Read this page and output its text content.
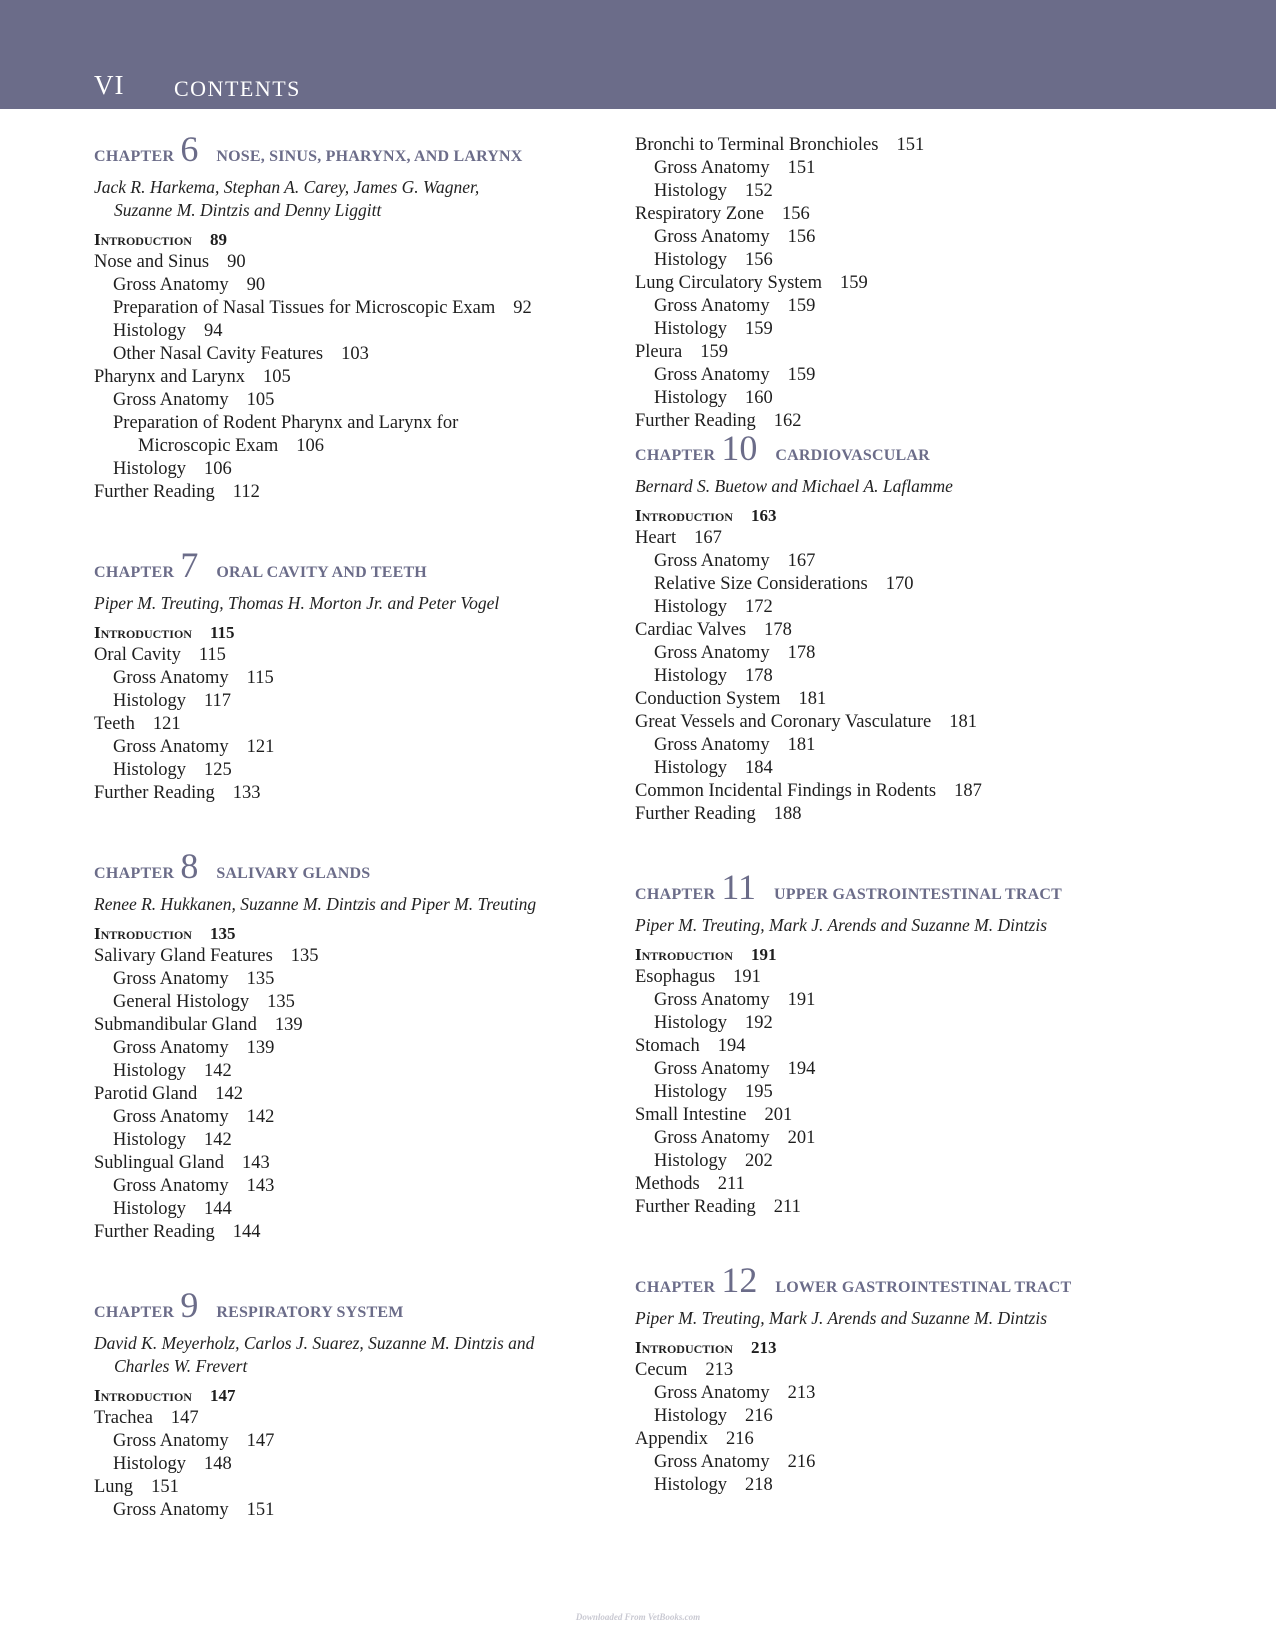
VI CONTENTS
CHAPTER 6 NOSE, SINUS, PHARYNX, AND LARYNX
Jack R. Harkema, Stephan A. Carey, James G. Wagner,
Suzanne M. Dintzis and Denny Liggitt
Introduction 89
Nose and Sinus 90
Gross Anatomy 90
Preparation of Nasal Tissues for Microscopic Exam 92
Histology 94
Other Nasal Cavity Features 103
Pharynx and Larynx 105
Gross Anatomy 105
Preparation of Rodent Pharynx and Larynx for
Microscopic Exam 106
Histology 106
Further Reading 112
CHAPTER 7 ORAL CAVITY AND TEETH
Piper M. Treuting, Thomas H. Morton Jr. and Peter Vogel
Introduction 115
Oral Cavity 115
Gross Anatomy 115
Histology 117
Teeth 121
Gross Anatomy 121
Histology 125
Further Reading 133
CHAPTER 8 SALIVARY GLANDS
Renee R. Hukkanen, Suzanne M. Dintzis and Piper M. Treuting
Introduction 135
Salivary Gland Features 135
Gross Anatomy 135
General Histology 135
Submandibular Gland 139
Gross Anatomy 139
Histology 142
Parotid Gland 142
Gross Anatomy 142
Histology 142
Sublingual Gland 143
Gross Anatomy 143
Histology 144
Further Reading 144
CHAPTER 9 RESPIRATORY SYSTEM
David K. Meyerholz, Carlos J. Suarez, Suzanne M. Dintzis and
Charles W. Frevert
Introduction 147
Trachea 147
Gross Anatomy 147
Histology 148
Lung 151
Gross Anatomy 151
Bronchi to Terminal Bronchioles 151
Gross Anatomy 151
Histology 152
Respiratory Zone 156
Gross Anatomy 156
Histology 156
Lung Circulatory System 159
Gross Anatomy 159
Histology 159
Pleura 159
Gross Anatomy 159
Histology 160
Further Reading 162
CHAPTER 10 CARDIOVASCULAR
Bernard S. Buetow and Michael A. Laflamme
Introduction 163
Heart 167
Gross Anatomy 167
Relative Size Considerations 170
Histology 172
Cardiac Valves 178
Gross Anatomy 178
Histology 178
Conduction System 181
Great Vessels and Coronary Vasculature 181
Gross Anatomy 181
Histology 184
Common Incidental Findings in Rodents 187
Further Reading 188
CHAPTER 11 UPPER GASTROINTESTINAL TRACT
Piper M. Treuting, Mark J. Arends and Suzanne M. Dintzis
Introduction 191
Esophagus 191
Gross Anatomy 191
Histology 192
Stomach 194
Gross Anatomy 194
Histology 195
Small Intestine 201
Gross Anatomy 201
Histology 202
Methods 211
Further Reading 211
CHAPTER 12 LOWER GASTROINTESTINAL TRACT
Piper M. Treuting, Mark J. Arends and Suzanne M. Dintzis
Introduction 213
Cecum 213
Gross Anatomy 213
Histology 216
Appendix 216
Gross Anatomy 216
Histology 218
Downloaded From VetBooks.com
